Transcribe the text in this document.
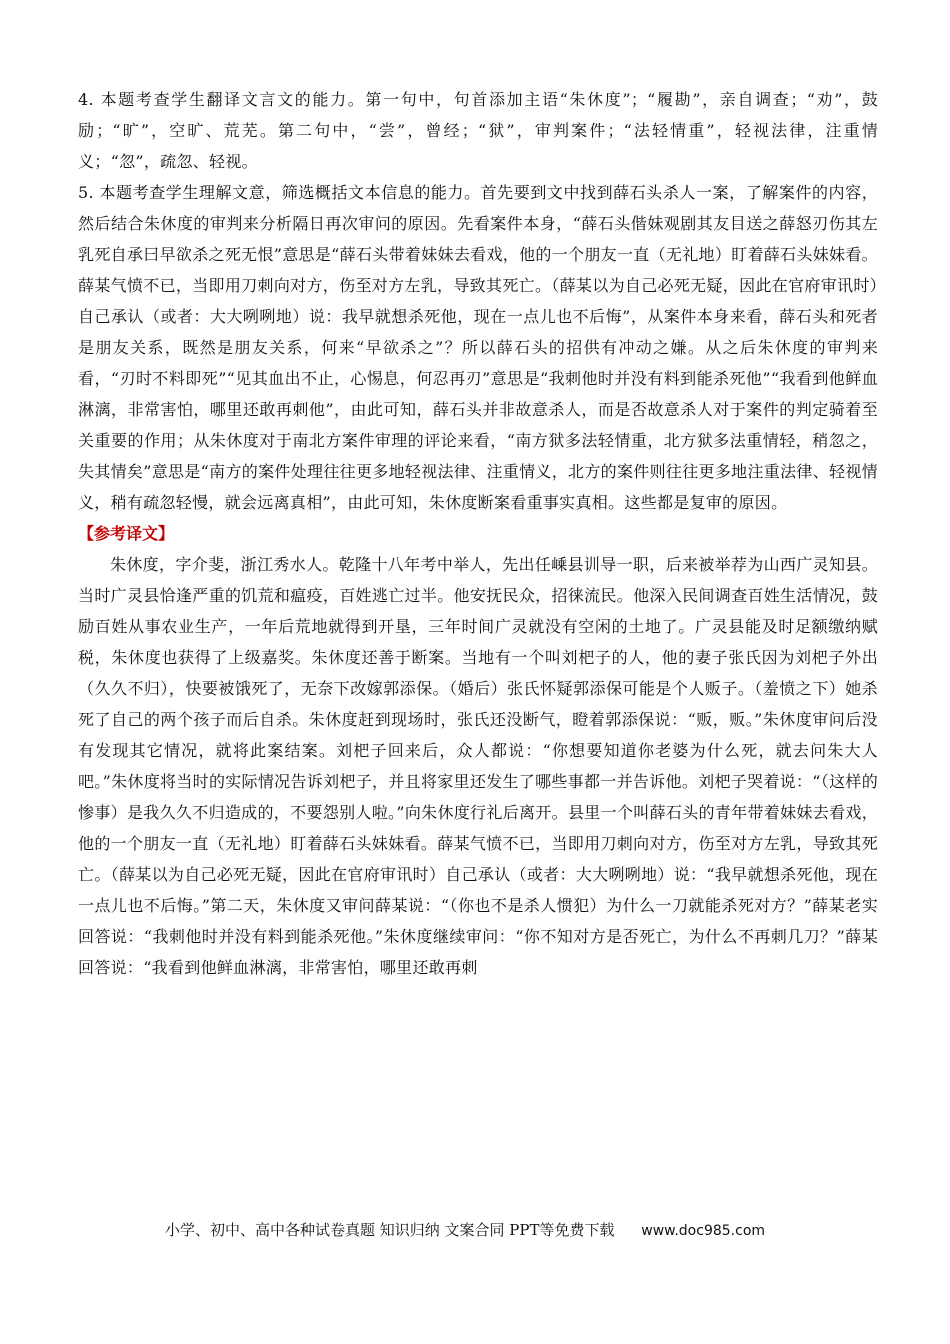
4. 本题考查学生翻译文言文的能力。第一句中，句首添加主语“朱休度”；“履勘”，亲自调查；“劝”，鼓励；“旷”，空旷、荒芜。第二句中，“尝”，曾经；“狱”，审判案件；“法轻情重”，轻视法律，注重情义；“忽”，疏忽、轻视。

5. 本题考查学生理解文意，筛选概括文本信息的能力。首先要到文中找到薛石头杀人一案，了解案件的内容，然后结合朱休度的审判来分析隔日再次审问的原因。先看案件本身，“薛石头偕妹观剧其友目送之薛怒刃伤其左乳死自承曰早欲杀之死无恨”意思是“薛石头带着妹妹去看戏，他的一个朋友一直（无礼地）盯着薛石头妹妹看。薛某气愤不已，当即用刀刺向对方，伤至对方左乳，导致其死亡。（薛某以为自己必死无疑，因此在官府审讯时）自己承认（或者：大大咧咧地）说：我早就想杀死他，现在一点儿也不后悔”，从案件本身来看，薛石头和死者是朋友关系，既然是朋友关系，何来“早欲杀之”？所以薛石头的招供有冲动之嫌。从之后朱休度的审判来看，“刃时不料即死”“见其血出不止，心惕息，何忍再刃”意思是“我刺他时并没有料到能杀死他”“我看到他鲜血淋漓，非常害怕，哪里还敢再刺他”，由此可知，薛石头并非故意杀人，而是否故意杀人对于案件的判定骑着至关重要的作用；从朱休度对于南北方案件审理的评论来看，“南方狱多法轻情重，北方狱多法重情轻，稍忽之，失其情矣”意思是“南方的案件处理往往更多地轻视法律、注重情义，北方的案件则往往更多地注重法律、轻视情义，稍有疏忽轻慢，就会远离真相”，由此可知，朱休度断案看重事实真相。这些都是复审的原因。

【参考译文】

朱休度，字介斐，浙江秀水人。乾隆十八年考中举人，先出任嵊县训导一职，后来被举荐为山西广灵知县。当时广灵县恰逢严重的饥荒和瘟疫，百姓逃亡过半。他安抚民众，招徕流民。他深入民间调查百姓生活情况，鼓励百姓从事农业生产，一年后荒地就得到开垦，三年时间广灵就没有空闲的土地了。广灵县能及时足额缴纳赋税，朱休度也获得了上级嘉奖。朱休度还善于断案。当地有一个叫刘杷子的人，他的妻子张氏因为刘杷子外出（久久不归），快要被饿死了，无奈下改嫁郭添保。（婚后）张氏怀疑郭添保可能是个人贩子。（羞愤之下）她杀死了自己的两个孩子而后自杀。朱休度赶到现场时，张氏还没断气，瞪着郭添保说：“贩，贩。”朱休度审问后没有发现其它情况，就将此案结案。刘杷子回来后，众人都说：“你想要知道你老婆为什么死，就去问朱大人吧。”朱休度将当时的实际情况告诉刘杷子，并且将家里还发生了哪些事都一并告诉他。刘杷子哭着说：“（这样的惨事）是我久久不归造成的，不要怨别人啦。”向朱休度行礼后离开。县里一个叫薛石头的青年带着妹妹去看戏，他的一个朋友一直（无礼地）盯着薛石头妹妹看。薛某气愤不已，当即用刀刺向对方，伤至对方左乳，导致其死亡。（薛某以为自己必死无疑，因此在官府审讯时）自己承认（或者：大大咧咧地）说：“我早就想杀死他，现在一点儿也不后悔。”第二天，朱休度又审问薛某说：“（你也不是杀人惯犯）为什么一刀就能杀死对方？”薛某老实回答说：“我刺他时并没有料到能杀死他。”朱休度继续审问：“你不知对方是否死亡，为什么不再刺几刀？”薛某回答说：“我看到他鲜血淋漓，非常害怕，哪里还敢再刺

小学、初中、高中各种试卷真题 知识归纳 文案合同 PPT等免费下载 www.doc985.com
